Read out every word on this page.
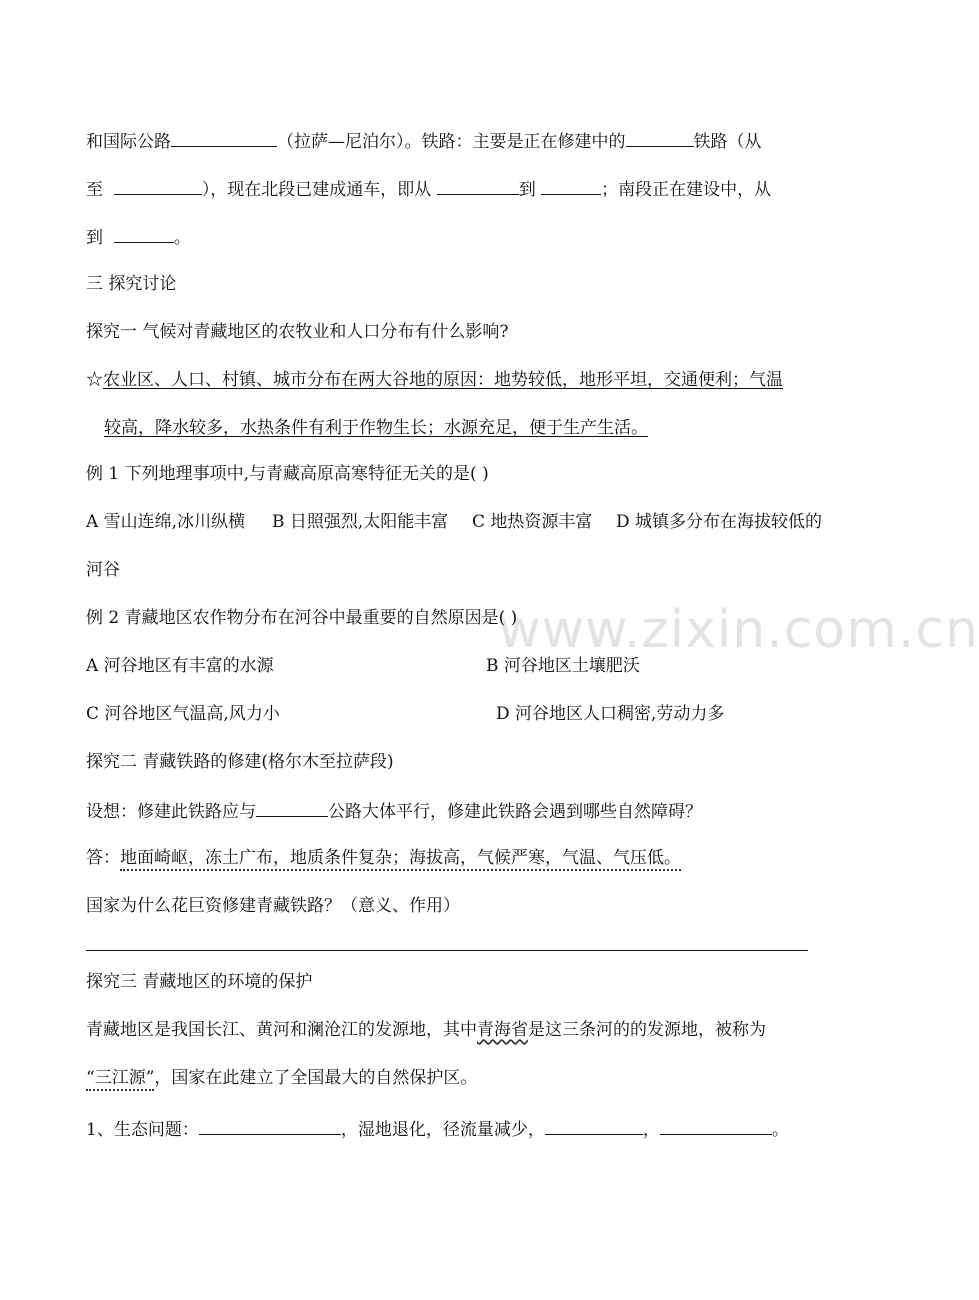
www.zixin.com.cn
和国际公路	（拉萨—尼泊尔）。铁路：主要是正在修建中的	铁路（从
至	），现在北段已建成通车，即从	到	；南段正在建设中，从
到	。
三 探究讨论
探究一 气候对青藏地区的农牧业和人口分布有什么影响?
☆农业区、人口、村镇、城市分布在两大谷地的原因：地势较低，地形平坦，交通便利；气温
较高，降水较多，水热条件有利于作物生长；水源充足，便于生产生活。
例 1 下列地理事项中,与青藏高原高寒特征无关的是( )
A 雪山连绵,冰川纵横 B 日照强烈,太阳能丰富 C 地热资源丰富 D 城镇多分布在海拔较低的
河谷
例 2 青藏地区农作物分布在河谷中最重要的自然原因是( )
A 河谷地区有丰富的水源	B 河谷地区土壤肥沃
C 河谷地区气温高,风力小	D 河谷地区人口稠密,劳动力多
探究二 青藏铁路的修建(格尔木至拉萨段)
设想：修建此铁路应与	公路大体平行，修建此铁路会遇到哪些自然障碍？
答：地面崎岖，冻土广布，地质条件复杂；海拔高，气候严寒，气温、气压低。
国家为什么花巨资修建青藏铁路？（意义、作用）
探究三 青藏地区的环境的保护
青藏地区是我国长江、黄河和澜沧江的发源地，其中青海省是这三条河的的发源地，被称为
“三江源”，国家在此建立了全国最大的自然保护区。
1、生态问题：	，湿地退化，径流量减少，	，	。
